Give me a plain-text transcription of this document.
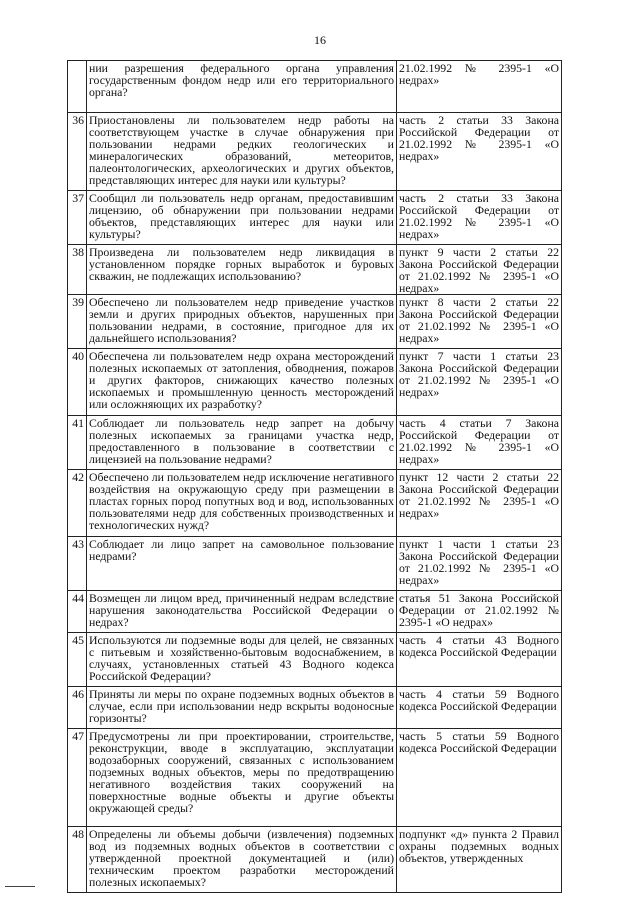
16
	нии разрешения федерального органа управления государственным фондом недр или его территориального органа?	21.02.1992 № 2395-1 «О недрах»
36	Приостановлены ли пользователем недр работы на соответствующем участке в случае обнаружения при пользовании недрами редких геологических и минералогических образований, метеоритов, палеонтологических, археологических и других объектов, представляющих интерес для науки или культуры?	часть 2 статьи 33 Закона Российской Федерации от 21.02.1992 № 2395-1 «О недрах»
37	Сообщил ли пользователь недр органам, предоставившим лицензию, об обнаружении при пользовании недрами объектов, представляющих интерес для науки или культуры?	часть 2 статьи 33 Закона Российской Федерации от 21.02.1992 № 2395-1 «О недрах»
38	Произведена ли пользователем недр ликвидация в установленном порядке горных выработок и буровых скважин, не подлежащих использованию?	пункт 9 части 2 статьи 22 Закона Российской Федерации от 21.02.1992 № 2395-1 «О недрах»
39	Обеспечено ли пользователем недр приведение участков земли и других природных объектов, нарушенных при пользовании недрами, в состояние, пригодное для их дальнейшего использования?	пункт 8 части 2 статьи 22 Закона Российской Федерации от 21.02.1992 № 2395-1 «О недрах»
40	Обеспечена ли пользователем недр охрана месторождений полезных ископаемых от затопления, обводнения, пожаров и других факторов, снижающих качество полезных ископаемых и промышленную ценность месторождений или осложняющих их разработку?	пункт 7 части 1 статьи 23 Закона Российской Федерации от 21.02.1992 № 2395-1 «О недрах»
41	Соблюдает ли пользователь недр запрет на добычу полезных ископаемых за границами участка недр, предоставленного в пользование в соответствии с лицензией на пользование недрами?	часть 4 статьи 7 Закона Российской Федерации от 21.02.1992 № 2395-1 «О недрах»
42	Обеспечено ли пользователем недр исключение негативного воздействия на окружающую среду при размещении в пластах горных пород попутных вод и вод, использованных пользователями недр для собственных производственных и технологических нужд?	пункт 12 части 2 статьи 22 Закона Российской Федерации от 21.02.1992 № 2395-1 «О недрах»
43	Соблюдает ли лицо запрет на самовольное пользование недрами?	пункт 1 части 1 статьи 23 Закона Российской Федерации от 21.02.1992 № 2395-1 «О недрах»
44	Возмещен ли лицом вред, причиненный недрам вследствие нарушения законодательства Российской Федерации о недрах?	статья 51 Закона Российской Федерации от 21.02.1992 № 2395-1 «О недрах»
45	Используются ли подземные воды для целей, не связанных с питьевым и хозяйственно-бытовым водоснабжением, в случаях, установленных статьей 43 Водного кодекса Российской Федерации?	часть 4 статьи 43 Водного кодекса Российской Федерации
46	Приняты ли меры по охране подземных водных объектов в случае, если при использовании недр вскрыты водоносные горизонты?	часть 4 статьи 59 Водного кодекса Российской Федерации
47	Предусмотрены ли при проектировании, строительстве, реконструкции, вводе в эксплуатацию, эксплуатации водозаборных сооружений, связанных с использованием подземных водных объектов, меры по предотвращению негативного воздействия таких сооружений на поверхностные водные объекты и другие объекты окружающей среды?	часть 5 статьи 59 Водного кодекса Российской Федерации
48	Определены ли объемы добычи (извлечения) подземных вод из подземных водных объектов в соответствии с утвержденной проектной документацией и (или) техническим проектом разработки месторождений полезных ископаемых?	подпункт «д» пункта 2 Правил охраны подземных водных объектов, утвержденных
